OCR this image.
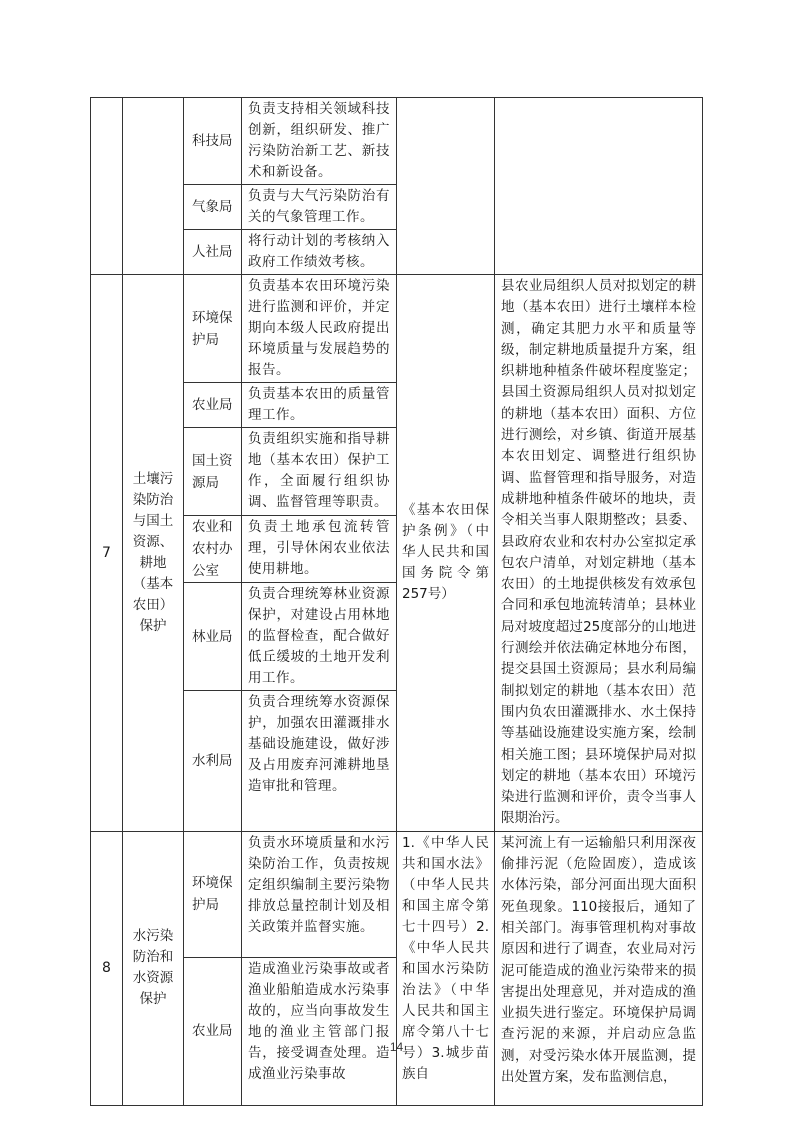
		科技局	负责支持相关领域科技创新，组织研发、推广污染防治新工艺、新技术和新设备。		
		气象局	负责与大气污染防治有关的气象管理工作。		
		人社局	将行动计划的考核纳入政府工作绩效考核。		
7	土壤污染防治与国土资源、耕地（基本农田）保护	环境保护局	负责基本农田环境污染进行监测和评价，并定期向本级人民政府提出环境质量与发展趋势的报告。	《基本农田保护条例》（中华人民共和国国务院令第257号）	县农业局组织人员对拟划定的耕地（基本农田）进行土壤样本检测，确定其肥力水平和质量等级，制定耕地质量提升方案，组织耕地种植条件破坏程度鉴定；县国土资源局组织人员对拟划定的耕地（基本农田）面积、方位进行测绘，对乡镇、街道开展基本农田划定、调整进行组织协调、监督管理和指导服务，对造成耕地种植条件破坏的地块，责令相关当事人限期整改；县委、县政府农业和农村办公室拟定承包农户清单，对划定耕地（基本农田）的土地提供核发有效承包合同和承包地流转清单；县林业局对坡度超过25度部分的山地进行测绘并依法确定林地分布图，提交县国土资源局；县水利局编制拟划定的耕地（基本农田）范围内负农田灌溉排水、水土保持等基础设施建设实施方案，绘制相关施工图；县环境保护局对拟划定的耕地（基本农田）环境污染进行监测和评价，责令当事人限期治污。
		农业局	负责基本农田的质量管理工作。		
		国土资源局	负责组织实施和指导耕地（基本农田）保护工作，全面履行组织协调、监督管理等职责。		
		农业和农村办公室	负责土地承包流转管理，引导休闲农业依法使用耕地。		
		林业局	负责合理统筹林业资源保护，对建设占用林地的监督检查，配合做好低丘缓坡的土地开发利用工作。		
		水利局	负责合理统筹水资源保护，加强农田灌溉排水基础设施建设，做好涉及占用废弃河滩耕地垦造审批和管理。		
8	水污染防治和水资源保护	环境保护局	负责水环境质量和水污染防治工作，负责按规定组织编制主要污染物排放总量控制计划及相关政策并监督实施。	1.《中华人民共和国水法》（中华人民共和国主席令第七十四号）2.《中华人民共和国水污染防治法》（中华人民共和国主席令第八十七号）3.城步苗族自	某河流上有一运输船只利用深夜偷排污泥（危险固废），造成该水体污染，部分河面出现大面积死鱼现象。110接报后，通知了相关部门。海事管理机构对事故原因和进行了调查，农业局对污泥可能造成的渔业污染带来的损害提出处理意见，并对造成的渔业损失进行鉴定。环境保护局调查污泥的来源，并启动应急监测，对受污染水体开展监测，提出处置方案，发布监测信息，
		农业局	造成渔业污染事故或者渔业船舶造成水污染事故的，应当向事故发生地的渔业主管部门报告，接受调查处理。造成渔业污染事故		
14
